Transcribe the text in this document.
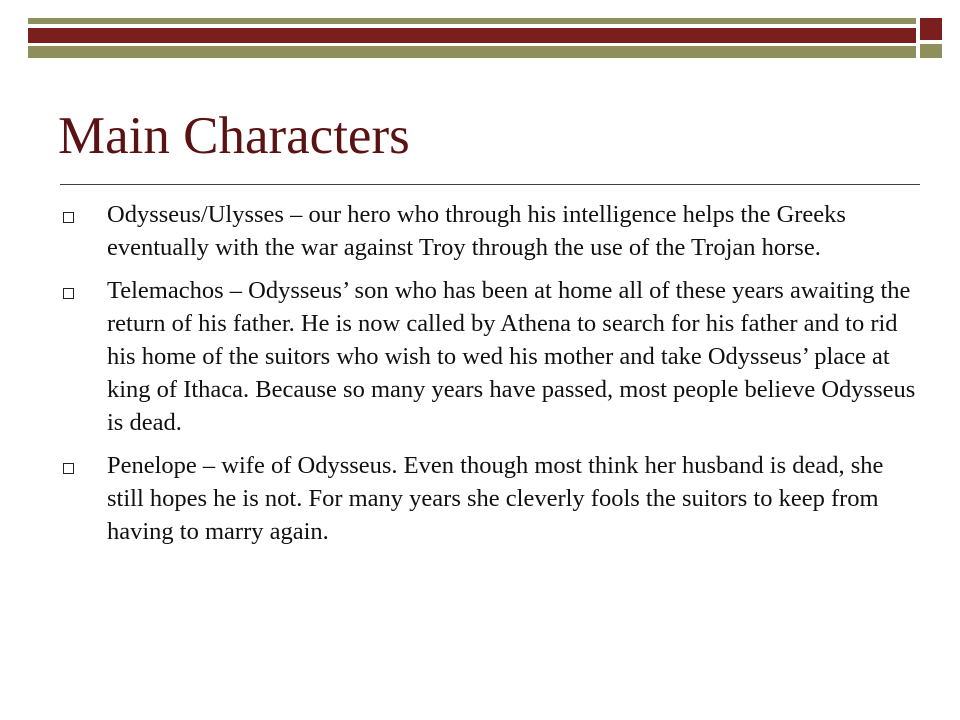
Main Characters
Odysseus/Ulysses – our hero who through his intelligence helps the Greeks eventually with the war against Troy through the use of the Trojan horse.
Telemachos – Odysseus’ son who has been at home all of these years awaiting the return of his father. He is now called by Athena to search for his father and to rid his home of the suitors who wish to wed his mother and take Odysseus’ place at king of Ithaca. Because so many years have passed, most people believe Odysseus is dead.
Penelope – wife of Odysseus. Even though most think her husband is dead, she still hopes he is not. For many years she cleverly fools the suitors to keep from having to marry again.
